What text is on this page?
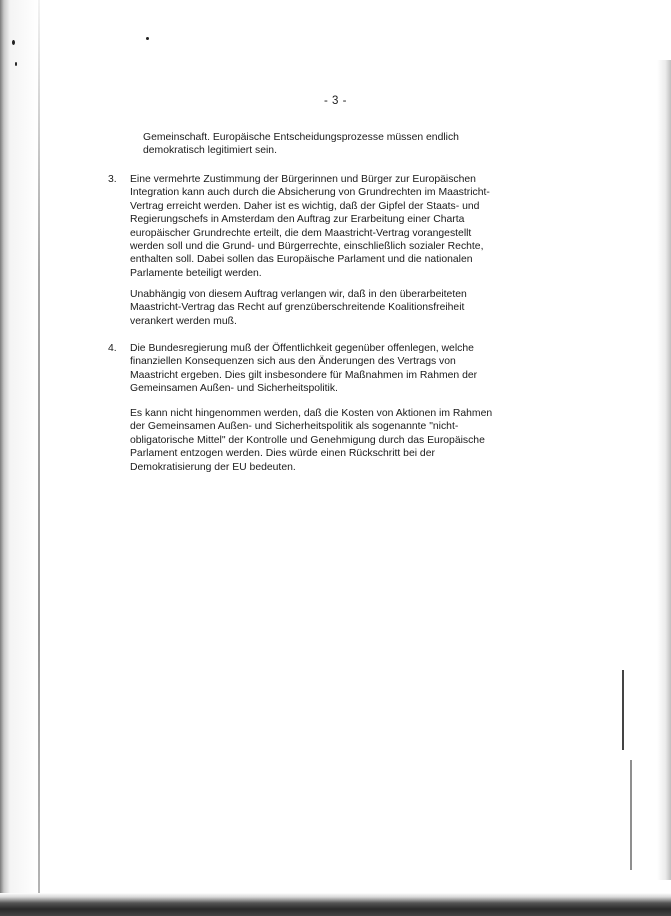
- 3 -
Gemeinschaft. Europäische Entscheidungsprozesse müssen endlich
demokratisch legitimiert sein.
3. Eine vermehrte Zustimmung der Bürgerinnen und Bürger zur Europäischen
Integration kann auch durch die Absicherung von Grundrechten im Maastricht-
Vertrag erreicht werden. Daher ist es wichtig, daß der Gipfel der Staats- und
Regierungschefs in Amsterdam den Auftrag zur Erarbeitung einer Charta
europäischer Grundrechte erteilt, die dem Maastricht-Vertrag vorangestellt
werden soll und die Grund- und Bürgerrechte, einschließlich sozialer Rechte,
enthalten soll. Dabei sollen das Europäische Parlament und die nationalen
Parlamente beteiligt werden.
Unabhängig von diesem Auftrag verlangen wir, daß in den überarbeiteten
Maastricht-Vertrag das Recht auf grenzüberschreitende Koalitionsfreiheit
verankert werden muß.
4. Die Bundesregierung muß der Öffentlichkeit gegenüber offenlegen, welche
finanziellen Konsequenzen sich aus den Änderungen des Vertrags von
Maastricht ergeben. Dies gilt insbesondere für Maßnahmen im Rahmen der
Gemeinsamen Außen- und Sicherheitspolitik.
Es kann nicht hingenommen werden, daß die Kosten von Aktionen im Rahmen
der Gemeinsamen Außen- und Sicherheitspolitik als sogenannte "nicht-
obligatorische Mittel" der Kontrolle und Genehmigung durch das Europäische
Parlament entzogen werden. Dies würde einen Rückschritt bei der
Demokratisierung der EU bedeuten.
